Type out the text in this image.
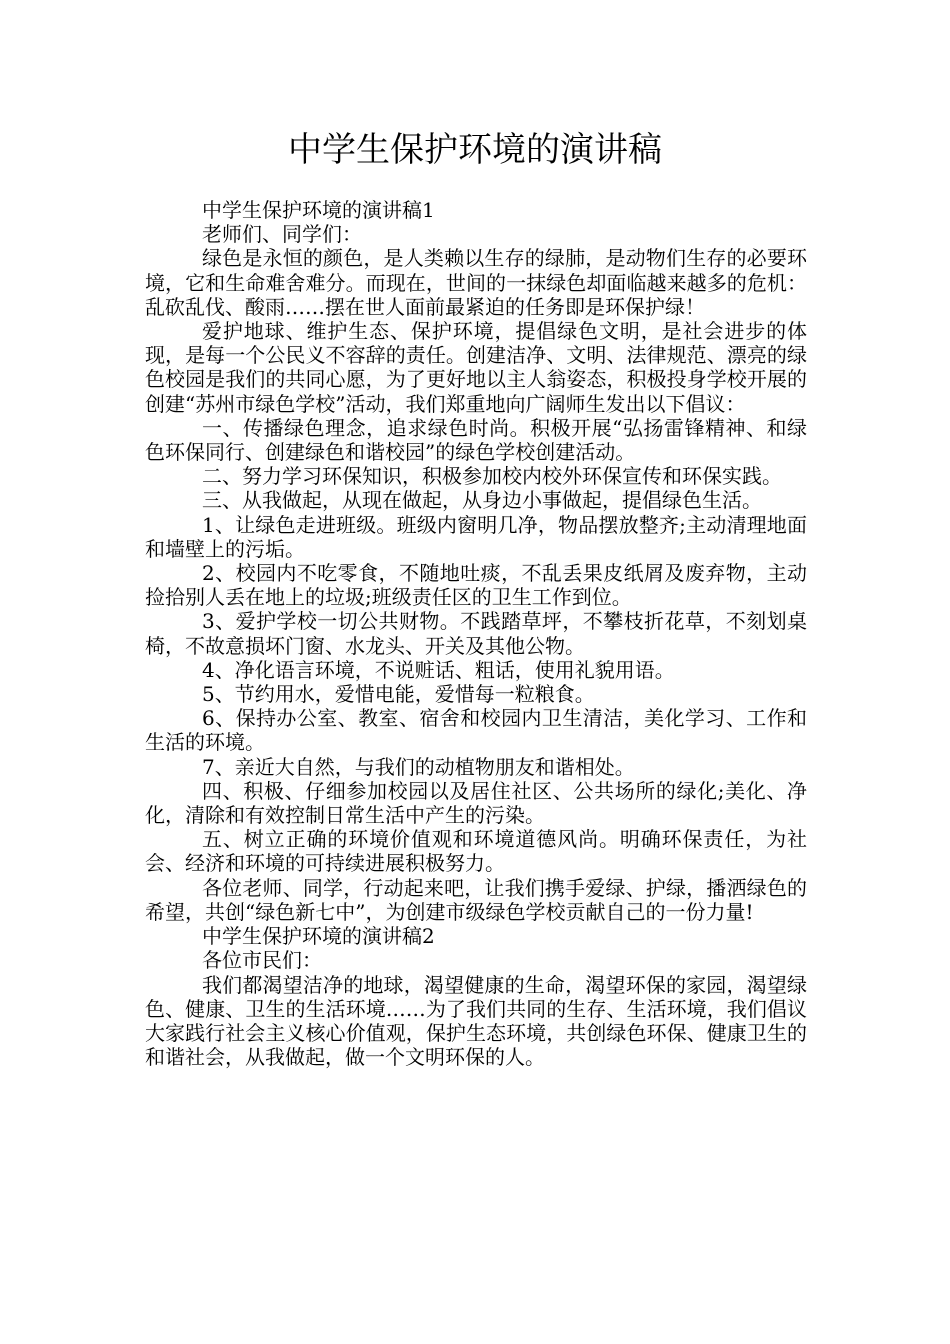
中学生保护环境的演讲稿

中学生保护环境的演讲稿1

老师们、同学们：

绿色是永恒的颜色，是人类赖以生存的绿肺，是动物们生存的必要环境，它和生命难舍难分。而现在，世间的一抹绿色却面临越来越多的危机：乱砍乱伐、酸雨……摆在世人面前最紧迫的任务即是环保护绿！

爱护地球、维护生态、保护环境，提倡绿色文明，是社会进步的体现，是每一个公民义不容辞的责任。创建洁净、文明、法律规范、漂亮的绿色校园是我们的共同心愿，为了更好地以主人翁姿态，积极投身学校开展的创建“苏州市绿色学校”活动，我们郑重地向广阔师生发出以下倡议：

一、传播绿色理念，追求绿色时尚。积极开展“弘扬雷锋精神、和绿色环保同行、创建绿色和谐校园”的绿色学校创建活动。

二、努力学习环保知识，积极参加校内校外环保宣传和环保实践。

三、从我做起，从现在做起，从身边小事做起，提倡绿色生活。

1、让绿色走进班级。班级内窗明几净，物品摆放整齐;主动清理地面和墙壁上的污垢。

2、校园内不吃零食，不随地吐痰，不乱丢果皮纸屑及废弃物，主动捡拾别人丢在地上的垃圾;班级责任区的卫生工作到位。

3、爱护学校一切公共财物。不践踏草坪，不攀枝折花草，不刻划桌椅，不故意损坏门窗、水龙头、开关及其他公物。

4、净化语言环境，不说赃话、粗话，使用礼貌用语。

5、节约用水，爱惜电能，爱惜每一粒粮食。

6、保持办公室、教室、宿舍和校园内卫生清洁，美化学习、工作和生活的环境。

7、亲近大自然，与我们的动植物朋友和谐相处。

四、积极、仔细参加校园以及居住社区、公共场所的绿化;美化、净化，清除和有效控制日常生活中产生的污染。

五、树立正确的环境价值观和环境道德风尚。明确环保责任，为社会、经济和环境的可持续进展积极努力。

各位老师、同学，行动起来吧，让我们携手爱绿、护绿，播洒绿色的希望，共创“绿色新七中”，为创建市级绿色学校贡献自己的一份力量!

中学生保护环境的演讲稿2

各位市民们：

我们都渴望洁净的地球，渴望健康的生命，渴望环保的家园，渴望绿色、健康、卫生的生活环境……为了我们共同的生存、生活环境，我们倡议大家践行社会主义核心价值观，保护生态环境，共创绿色环保、健康卫生的和谐社会，从我做起，做一个文明环保的人。
